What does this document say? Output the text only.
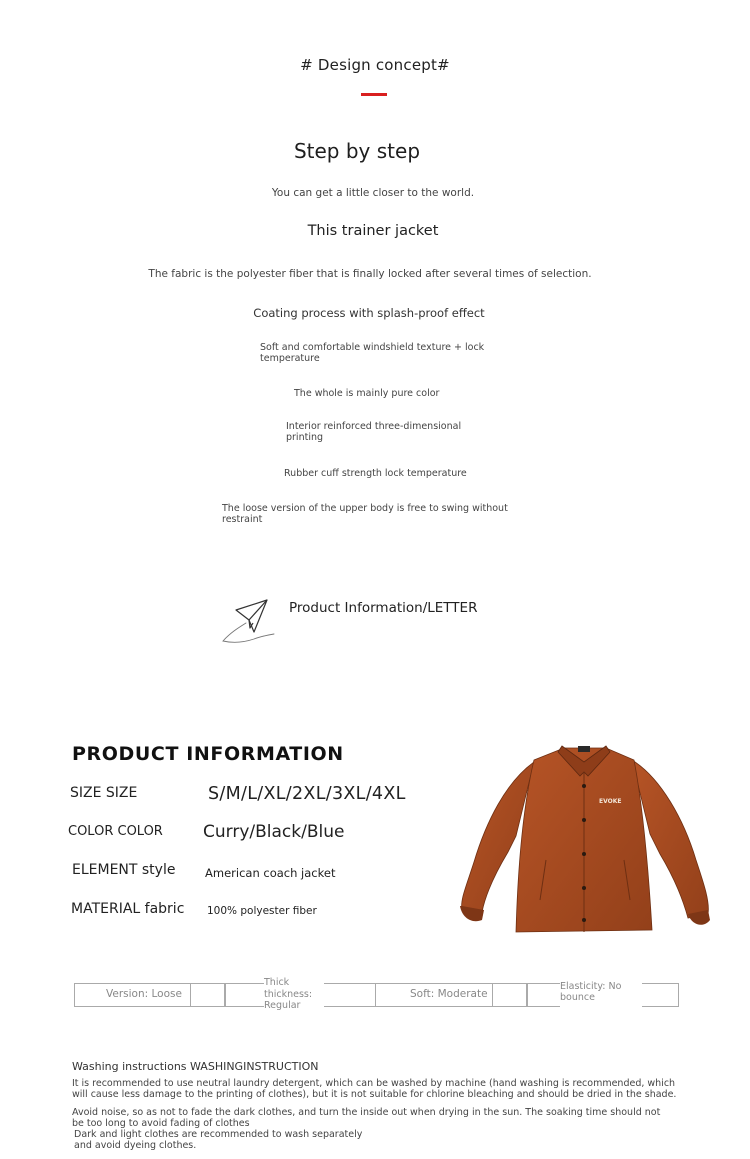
# Design concept#
Step by step
You can get a little closer to the world.
This trainer jacket
The fabric is the polyester fiber that is finally locked after several times of selection.
Coating process with splash-proof effect
Soft and comfortable windshield texture + lock temperature
The whole is mainly pure color
Interior reinforced three-dimensional printing
Rubber cuff strength lock temperature
The loose version of the upper body is free to swing without restraint
Product Information/LETTER
PRODUCT INFORMATION
SIZE SIZE	S/M/L/XL/2XL/3XL/4XL
COLOR COLOR Curry/Black/Blue
ELEMENT style	American coach jacket
MATERIAL fabric 100% polyester fiber
EVOKE
Version: Loose
Thick thickness: Regular
Soft: Moderate
Elasticity: No bounce
Washing instructions WASHINGINSTRUCTION
It is recommended to use neutral laundry detergent, which can be washed by machine (hand washing is recommended, which will cause less damage to the printing of clothes), but it is not suitable for chlorine bleaching and should be dried in the shade.
Avoid noise, so as not to fade the dark clothes, and turn the inside out when drying in the sun. The soaking time should not be too long to avoid fading of clothes
Dark and light clothes are recommended to wash separately and avoid dyeing clothes.
